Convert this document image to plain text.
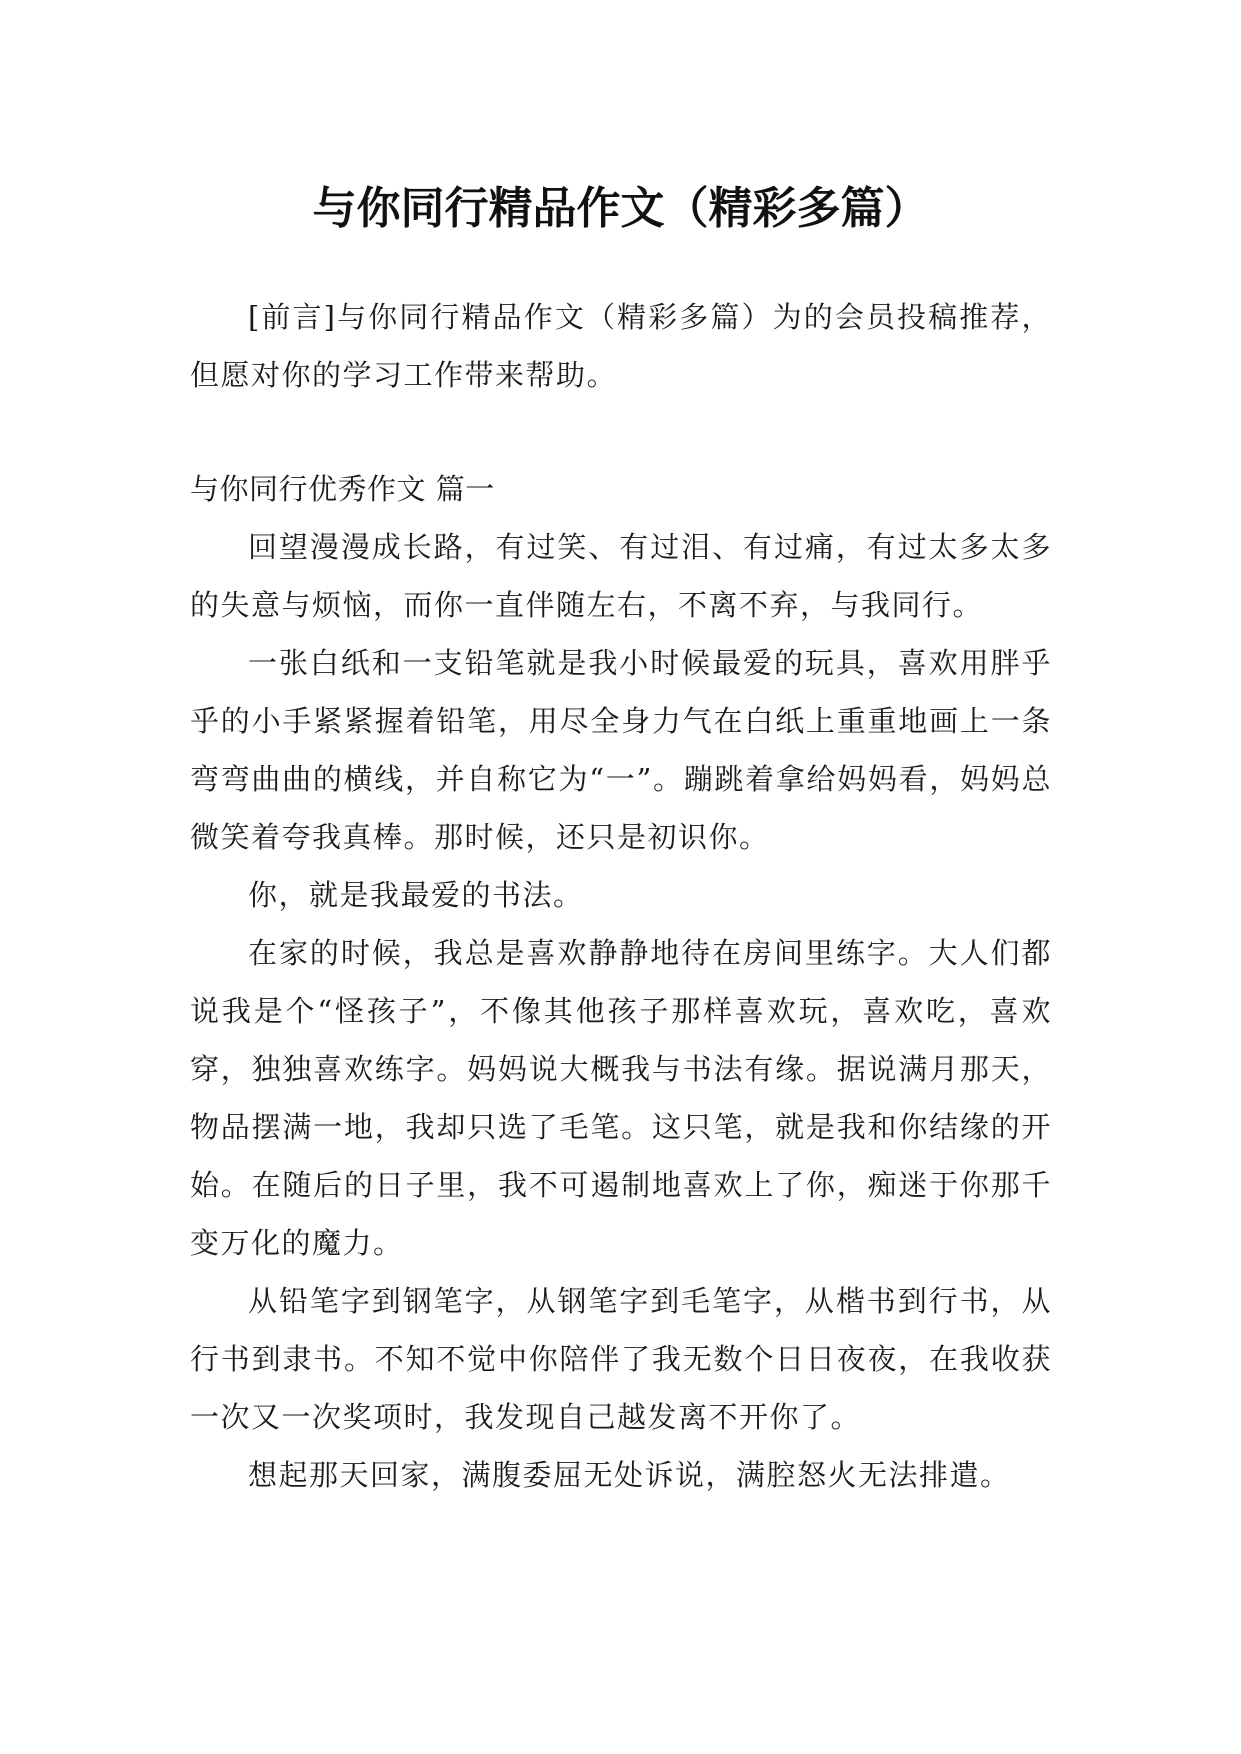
与你同行精品作文（精彩多篇）

[前言]与你同行精品作文（精彩多篇）为的会员投稿推荐，但愿对你的学习工作带来帮助。

与你同行优秀作文 篇一

回望漫漫成长路，有过笑、有过泪、有过痛，有过太多太多的失意与烦恼，而你一直伴随左右，不离不弃，与我同行。

一张白纸和一支铅笔就是我小时候最爱的玩具，喜欢用胖乎乎的小手紧紧握着铅笔，用尽全身力气在白纸上重重地画上一条弯弯曲曲的横线，并自称它为“一”。蹦跳着拿给妈妈看，妈妈总微笑着夸我真棒。那时候，还只是初识你。

你，就是我最爱的书法。

在家的时候，我总是喜欢静静地待在房间里练字。大人们都说我是个“怪孩子”，不像其他孩子那样喜欢玩，喜欢吃，喜欢穿，独独喜欢练字。妈妈说大概我与书法有缘。据说满月那天，物品摆满一地，我却只选了毛笔。这只笔，就是我和你结缘的开始。在随后的日子里，我不可遏制地喜欢上了你，痴迷于你那千变万化的魔力。

从铅笔字到钢笔字，从钢笔字到毛笔字，从楷书到行书，从行书到隶书。不知不觉中你陪伴了我无数个日日夜夜，在我收获一次又一次奖项时，我发现自己越发离不开你了。

想起那天回家，满腹委屈无处诉说，满腔怒火无法排遣。
